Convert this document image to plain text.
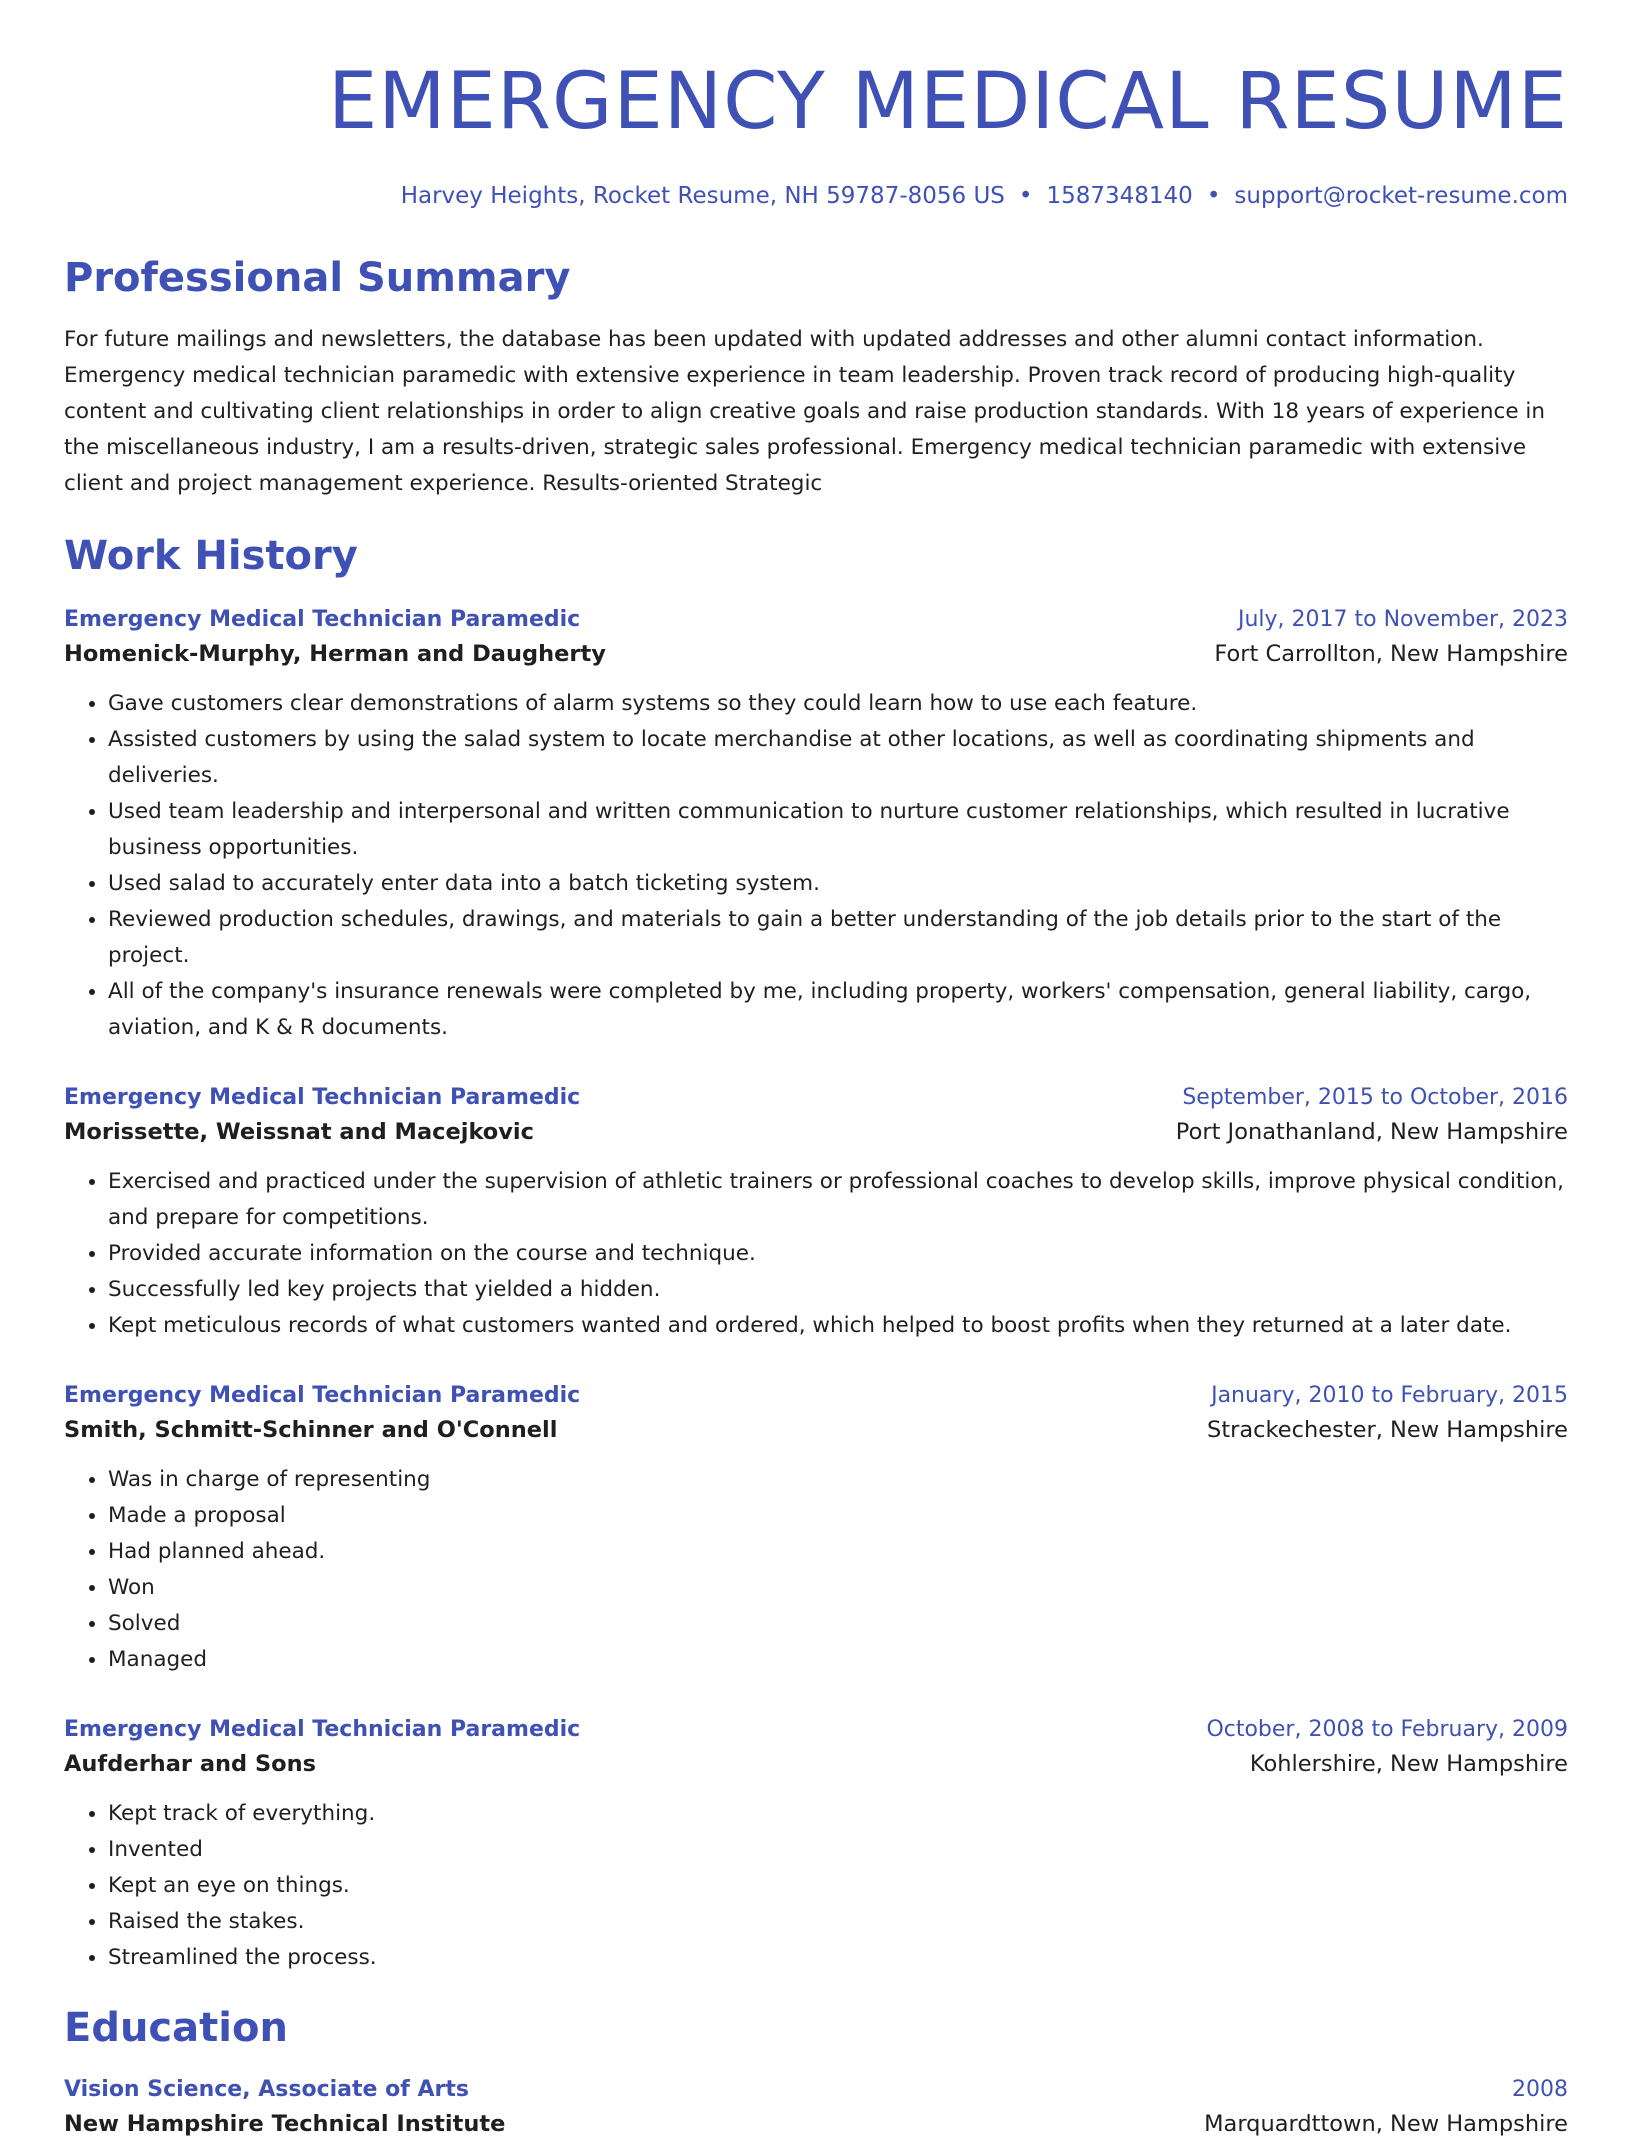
EMERGENCY MEDICAL RESUME
Harvey Heights, Rocket Resume, NH 59787-8056 US • 1587348140 • support@rocket-resume.com
Professional Summary
For future mailings and newsletters, the database has been updated with updated addresses and other alumni contact information. Emergency medical technician paramedic with extensive experience in team leadership. Proven track record of producing high-quality content and cultivating client relationships in order to align creative goals and raise production standards. With 18 years of experience in the miscellaneous industry, I am a results-driven, strategic sales professional. Emergency medical technician paramedic with extensive client and project management experience. Results-oriented Strategic
Work History
Emergency Medical Technician Paramedic	July, 2017 to November, 2023
Homenick-Murphy, Herman and Daugherty	Fort Carrollton, New Hampshire
• Gave customers clear demonstrations of alarm systems so they could learn how to use each feature.
• Assisted customers by using the salad system to locate merchandise at other locations, as well as coordinating shipments and deliveries.
• Used team leadership and interpersonal and written communication to nurture customer relationships, which resulted in lucrative business opportunities.
• Used salad to accurately enter data into a batch ticketing system.
• Reviewed production schedules, drawings, and materials to gain a better understanding of the job details prior to the start of the project.
• All of the company's insurance renewals were completed by me, including property, workers' compensation, general liability, cargo, aviation, and K & R documents.
Emergency Medical Technician Paramedic	September, 2015 to October, 2016
Morissette, Weissnat and Macejkovic	Port Jonathanland, New Hampshire
• Exercised and practiced under the supervision of athletic trainers or professional coaches to develop skills, improve physical condition, and prepare for competitions.
• Provided accurate information on the course and technique.
• Successfully led key projects that yielded a hidden.
• Kept meticulous records of what customers wanted and ordered, which helped to boost profits when they returned at a later date.
Emergency Medical Technician Paramedic	January, 2010 to February, 2015
Smith, Schmitt-Schinner and O'Connell	Strackechester, New Hampshire
• Was in charge of representing
• Made a proposal
• Had planned ahead.
• Won
• Solved
• Managed
Emergency Medical Technician Paramedic	October, 2008 to February, 2009
Aufderhar and Sons	Kohlershire, New Hampshire
• Kept track of everything.
• Invented
• Kept an eye on things.
• Raised the stakes.
• Streamlined the process.
Education
Vision Science, Associate of Arts	2008
New Hampshire Technical Institute	Marquardttown, New Hampshire
